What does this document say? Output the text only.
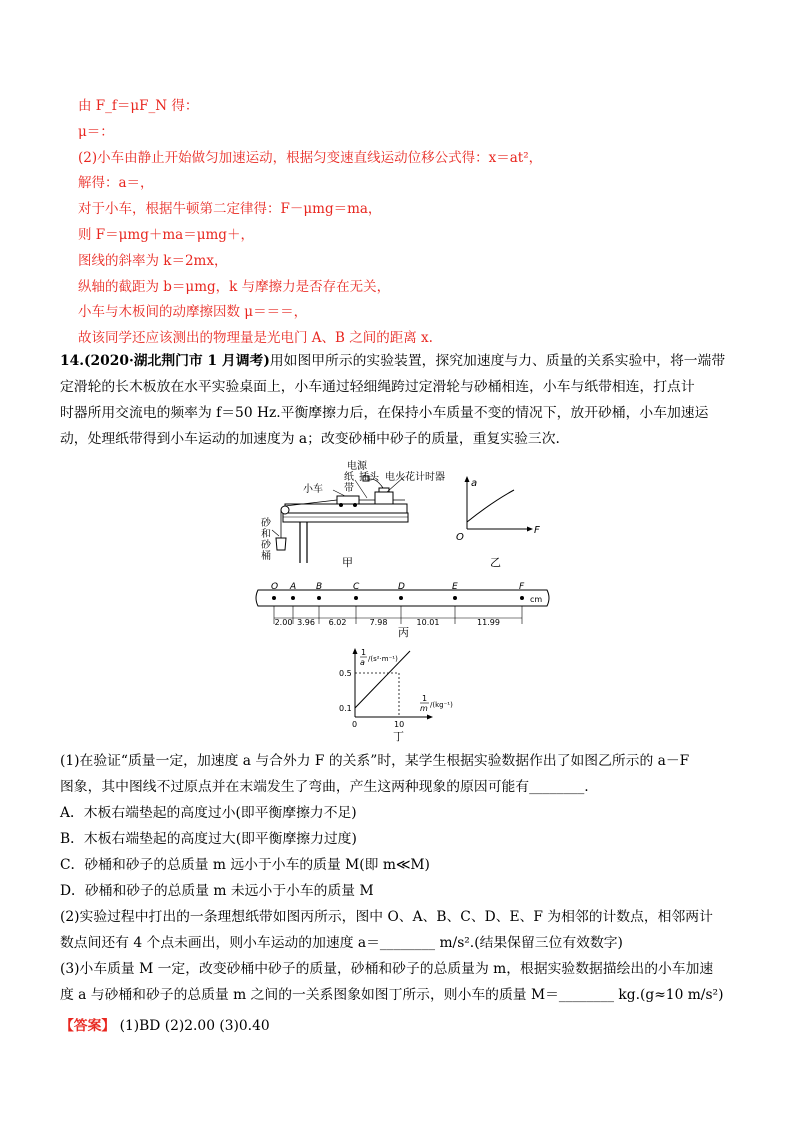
由 F_f＝μF_N 得：
μ＝：
(2)小车由静止开始做匀加速运动，根据匀变速直线运动位移公式得：x＝at²，
解得：a＝，
对于小车，根据牛顿第二定律得：F－μmg＝ma，
则 F＝μmg＋ma＝μmg＋，
图线的斜率为 k＝2mx，
纵轴的截距为 b＝μmg，k 与摩擦力是否存在无关，
小车与木板间的动摩擦因数 μ＝＝＝，
故该同学还应该测出的物理量是光电门 A、B 之间的距离 x.
14.(2020·湖北荆门市 1 月调考)用如图甲所示的实验装置，探究加速度与力、质量的关系实验中，将一端带
定滑轮的长木板放在水平实验桌面上，小车通过轻细绳跨过定滑轮与砂桶相连，小车与纸带相连，打点计
时器所用交流电的频率为 f＝50 Hz.平衡摩擦力后，在保持小车质量不变的情况下，放开砂桶，小车加速运
动，处理纸带得到小车运动的加速度为 a；改变砂桶中砂子的质量，重复实验三次.
电源
插头 电火花计时器
小车
纸
带
砂
和
砂
桶	甲
a
F
O
乙
O A B	C	D	E	F
cm
2.00 3.96 6.02	7.98	10.01	11.99
丙
1
a /(s²·m⁻¹)
1
m /(kg⁻¹)
0.5
0.1
0	10
丁
(1)在验证“质量一定，加速度 a 与合外力 F 的关系”时，某学生根据实验数据作出了如图乙所示的 a－F
图象，其中图线不过原点并在末端发生了弯曲，产生这两种现象的原因可能有________.
A．木板右端垫起的高度过小(即平衡摩擦力不足)
B．木板右端垫起的高度过大(即平衡摩擦力过度)
C．砂桶和砂子的总质量 m 远小于小车的质量 M(即 m≪M)
D．砂桶和砂子的总质量 m 未远小于小车的质量 M
(2)实验过程中打出的一条理想纸带如图丙所示，图中 O、A、B、C、D、E、F 为相邻的计数点，相邻两计
数点间还有 4 个点未画出，则小车运动的加速度 a＝________ m/s².(结果保留三位有效数字)
(3)小车质量 M 一定，改变砂桶中砂子的质量，砂桶和砂子的总质量为 m，根据实验数据描绘出的小车加速
度 a 与砂桶和砂子的总质量 m 之间的一关系图象如图丁所示，则小车的质量 M＝________ kg.(g≈10 m/s²)
【答案】 (1)BD (2)2.00 (3)0.40
